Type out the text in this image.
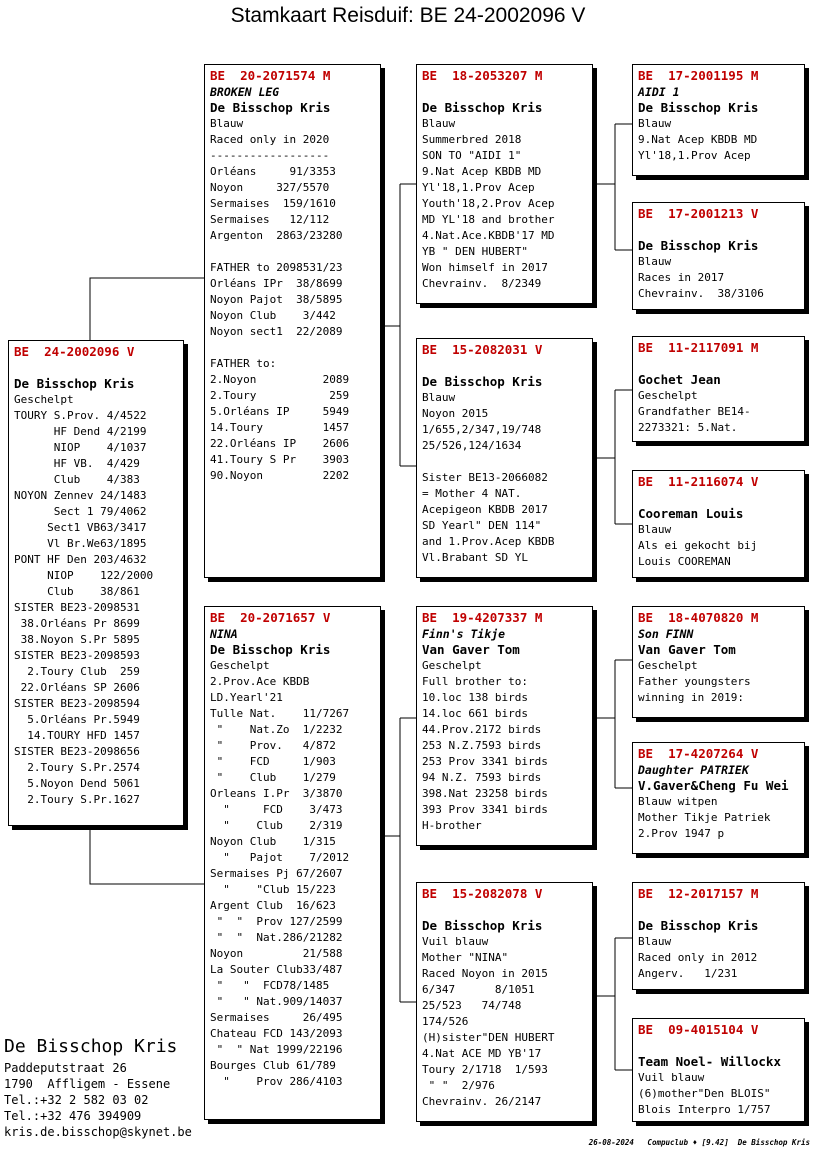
Stamkaart Reisduif: BE 24-2002096 V
BE  24-2002096 V
De Bisschop Kris
Geschelpt
TOURY S.Prov. 4/4522
HF Dend 4/2199
NIOP    4/1037
HF VB.  4/429
Club    4/383
NOYON Zennev 24/1483
Sect 1 79/4062
Sect1 VB63/3417
Vl Br.We63/1895
PONT HF Den 203/4632
NIOP    122/2000
Club    38/861
SISTER BE23-2098531
38.Orléans Pr 8699
38.Noyon S.Pr 5895
SISTER BE23-2098593
2.Toury Club  259
22.Orléans SP 2606
SISTER BE23-2098594
5.Orléans Pr.5949
14.TOURY HFD 1457
SISTER BE23-2098656
2.Toury S.Pr.2574
5.Noyon Dend 5061
2.Toury S.Pr.1627
BE  20-2071574 M
BROKEN LEG
De Bisschop Kris
Blauw
Raced only in 2020
------------------
Orléans     91/3353
Noyon     327/5570
Sermaises  159/1610
Sermaises   12/112
Argenton  2863/23280
FATHER to 2098531/23
Orléans IPr  38/8699
Noyon Pajot  38/5895
Noyon Club    3/442
Noyon sect1  22/2089
FATHER to:
2.Noyon          2089
2.Toury           259
5.Orléans IP     5949
14.Toury         1457
22.Orléans IP    2606
41.Toury S Pr    3903
90.Noyon         2202
BE  20-2071657 V
NINA
De Bisschop Kris
Geschelpt
2.Prov.Ace KBDB
LD.Yearl'21
Tulle Nat.    11/7267
"    Nat.Zo  1/2232
"    Prov.   4/872
"    FCD     1/903
"    Club    1/279
Orleans I.Pr  3/3870
"     FCD    3/473
"    Club    2/319
Noyon Club    1/315
"   Pajot    7/2012
Sermaises Pj 67/2607
"    "Club 15/223
Argent Club  16/623
"  "  Prov 127/2599
"  "  Nat.286/21282
Noyon         21/588
La Souter Club33/487
"   "  FCD78/1485
"   " Nat.909/14037
Sermaises     26/495
Chateau FCD 143/2093
"  " Nat 1999/22196
Bourges Club 61/789
"    Prov 286/4103
BE  18-2053207 M
De Bisschop Kris
Blauw
Summerbred 2018
SON TO "AIDI 1"
9.Nat Acep KBDB MD
Yl'18,1.Prov Acep
Youth'18,2.Prov Acep
MD YL'18 and brother
4.Nat.Ace.KBDB'17 MD
YB " DEN HUBERT"
Won himself in 2017
Chevrainv.  8/2349
BE  15-2082031 V
De Bisschop Kris
Blauw
Noyon 2015
1/655,2/347,19/748
25/526,124/1634
Sister BE13-2066082
= Mother 4 NAT.
Acepigeon KBDB 2017
SD Yearl" DEN 114"
and 1.Prov.Acep KBDB
Vl.Brabant SD YL
BE  19-4207337 M
Finn's Tikje
Van Gaver Tom
Geschelpt
Full brother to:
10.loc 138 birds
14.loc 661 birds
44.Prov.2172 birds
253 N.Z.7593 birds
253 Prov 3341 birds
94 N.Z. 7593 birds
398.Nat 23258 birds
393 Prov 3341 birds
H-brother
BE  15-2082078 V
De Bisschop Kris
Vuil blauw
Mother "NINA"
Raced Noyon in 2015
6/347      8/1051
25/523   74/748
174/526
(H)sister"DEN HUBERT
4.Nat ACE MD YB'17
Toury 2/1718  1/593
" "  2/976
Chevrainv. 26/2147
BE  17-2001195 M
AIDI 1
De Bisschop Kris
Blauw
9.Nat Acep KBDB MD
Yl'18,1.Prov Acep
BE  17-2001213 V
De Bisschop Kris
Blauw
Races in 2017
Chevrainv.  38/3106
BE  11-2117091 M
Gochet Jean
Geschelpt
Grandfather BE14-
2273321: 5.Nat.
BE  11-2116074 V
Cooreman Louis
Blauw
Als ei gekocht bij
Louis COOREMAN
BE  18-4070820 M
Son FINN
Van Gaver Tom
Geschelpt
Father youngsters
winning in 2019:
BE  17-4207264 V
Daughter PATRIEK
V.Gaver&Cheng Fu Wei
Blauw witpen
Mother Tikje Patriek
2.Prov 1947 p
BE  12-2017157 M
De Bisschop Kris
Blauw
Raced only in 2012
Angerv.   1/231
BE  09-4015104 V
Team Noel- Willockx
Vuil blauw
(6)mother"Den BLOIS"
Blois Interpro 1/757
De Bisschop Kris
Paddeputstraat 26
1790  Affligem - Essene
Tel.:+32 2 582 03 02
Tel.:+32 476 394909
kris.de.bisschop@skynet.be
26-08-2024   Compuclub ♦ [9.42]  De Bisschop Kris
